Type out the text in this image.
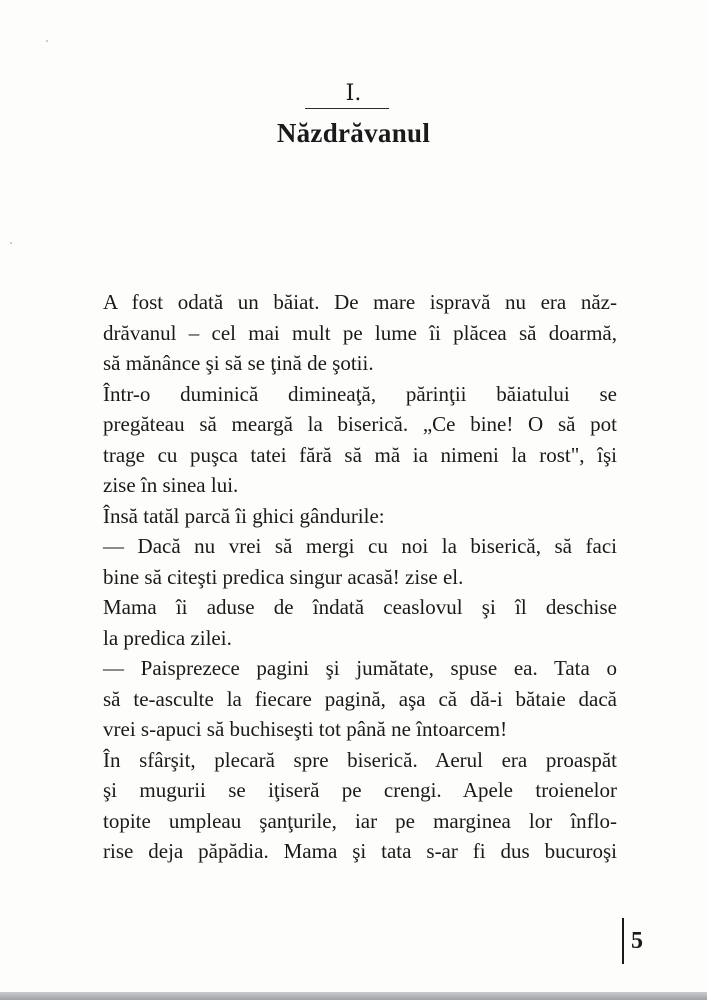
I.
Năzdrăvanul
A fost odată un băiat. De mare ispravă nu era năz-
drăvanul – cel mai mult pe lume îi plăcea să doarmă,
să mănânce şi să se ţină de şotii.
Într-o duminică dimineaţă, părinţii băiatului se
pregăteau să meargă la biserică. „Ce bine! O să pot
trage cu puşca tatei fără să mă ia nimeni la rost", îşi
zise în sinea lui.
Însă tatăl parcă îi ghici gândurile:
— Dacă nu vrei să mergi cu noi la biserică, să faci
bine să citeşti predica singur acasă! zise el.
Mama îi aduse de îndată ceaslovul şi îl deschise
la predica zilei.
— Paisprezece pagini şi jumătate, spuse ea. Tata o
să te-asculte la fiecare pagină, aşa că dă-i bătaie dacă
vrei s-apuci să buchiseşti tot până ne întoarcem!
În sfârşit, plecară spre biserică. Aerul era proaspăt
şi mugurii se iţiseră pe crengi. Apele troienelor
topite umpleau şanţurile, iar pe marginea lor înflo-
rise deja păpădia. Mama şi tata s-ar fi dus bucuroşi
5
